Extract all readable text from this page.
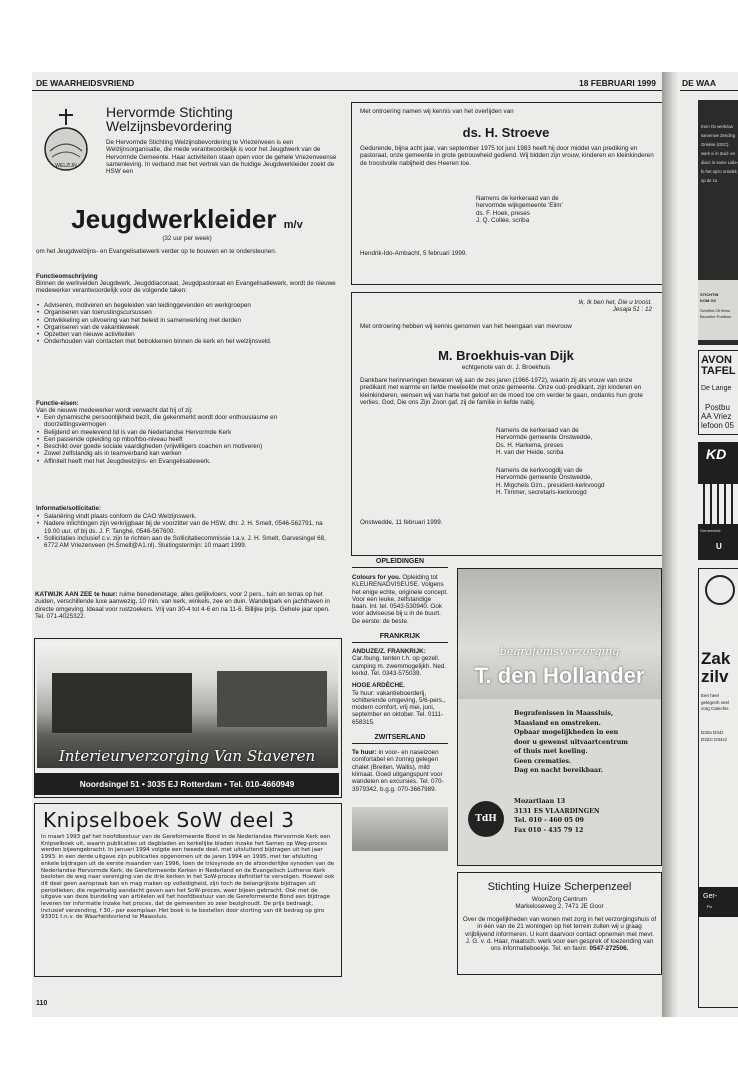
DE WAARHEIDSVRIEND	18 FEBRUARI 1999
WELZIJN
Hervormde Stichting
Welzijnsbevordering
De Hervormde Stichting Welzijnsbevordering te Vriezenveen is een Welzijnsorganisatie, die mede verantwoordelijk is voor het Jeugdwerk van de Hervormde Gemeente. Haar activiteiten staan open voor de gehele Vriezenveense samenleving. In verband met het vertrek van de huidige Jeugdwerkleider zoekt de HSW een
Jeugdwerkleider m/v
(32 uur per week)
om het Jeugdwelzijns- en Evangelisatiewerk verder op te bouwen en te ondersteunen.
Functieomschrijving
Binnen de werkvelden Jeugdwerk, Jeugddiaconaat, Jeugdpastoraat en Evangelisatiewerk, wordt de nieuwe medewerker verantwoordelijk voor de volgende taken:
• Adviseren, motiveren en begeleiden van leidinggevenden en werkgroepen
• Organiseren van toerustingscursussen
• Ontwikkeling en uitvoering van het beleid in samenwerking met derden
• Organiseren van de vakantieweek
• Opzetten van nieuwe activiteiten
• Onderhouden van contacten met betrokkenen binnen de kerk en het welzijnsveld.
Functie-eisen:
Van de nieuwe medewerker wordt verwacht dat hij of zij:
• Een dynamische persoonlijkheid bezit, die gekenmerkt wordt door enthousiasme en doorzettingsvermogen
• Belijdend en meelevend lid is van de Nederlandse Hervormde Kerk
• Een passende opleiding op mbo/hbo-niveau heeft
• Beschikt over goede sociale vaardigheden (vrijwilligers coachen en motiveren)
• Zowel zelfstandig als in teamverband kan werken
• Affiniteit heeft met het Jeugdwelzijns- en Evangelisatiewerk.
Informatie/sollicitatie:
• Salariëring vindt plaats conform de CAO Welzijnswerk.
• Nadere inlichtingen zijn verkrijgbaar bij de voorzitter van de HSW, dhr. J. H. Smelt, 0546-562791, na 19.00 uur, of bij ds. J. F. Tanghé, 0546-567600.
• Sollicitaties inclusief c.v. zijn te richten aan de Sollicitatiecommissie t.a.v. J. H. Smelt, Garvesingel 68, 6772 AM Vriezenveen (H.Smelt@A1.nl). Sluitingstermijn: 10 maart 1999.
KATWIJK AAN ZEE te huur: ruime benedenetage, alles gelijkvloers, voor 2 pers., tuin en terras op het zuiden, verschillende luxe aanwezig, 10 min. van kerk, winkels, zee en duin. Wandelpark en jachthaven in directe omgeving. Ideaal voor rustzoekers. Vrij van 30-4 tot 4-6 en na 11-6. Billijke prijs. Gehele jaar open. Tel. 071-4025322.
Interieurverzorging Van Staveren
Noordsingel 51 • 3035 EJ Rotterdam • Tel. 010-4660949
Knipselboek SoW deel 3
In maart 1993 gaf het hoofdbestuur van de Gereformeerde Bond in de Nederlandse Hervormde Kerk een Knipselboek uit, waarin publicaties uit dagbladen en kerkelijke bladen inzake het Samen op Weg-proces werden bijeengebracht. In januari 1994 volgde een tweede deel, met uitsluitend bijdragen uit het jaar 1993. In een derde uitgave zijn publicaties opgenomen uit de jaren 1994 en 1995, met ter afsluiting enkele bijdragen uit de eerste maanden van 1996, toen de triosynode en de afzonderlijke synoden van de Nederlandse Hervormde Kerk, de Gereformeerde Kerken in Nederland en de Evangelisch Lutherse Kerk besloten de weg naar vereniging van de drie kerken in het SoW-proces definitief te vervolgen. Hoewel ook dit deel geen aanspraak kan en mag maken op volledigheid, zijn toch de belangrijkste bijdragen uit periodieken, die regelmatig aandacht geven aan het SoW-proces, weer bijeen gebracht. Ook met de uitgave van deze bundeling van artikelen wil het hoofdbestuur van de Gereformeerde Bond een bijdrage leveren ter informatie inzake het proces, dat de gemeenten zo zeer bezighoudt. De prijs bedraagt, inclusief verzending, f 30,- per exemplaar. Het boek is te bestellen door storting van dit bedrag op giro 93301 t.n.v. de Waarheidsvriend te Maassluis.
110
Met ontroering namen wij kennis van het overlijden van
ds. H. Stroeve
Gedurende, bijna acht jaar, van september 1975 tot juni 1983 heeft hij door middel van prediking en pastoraat, onze gemeente in grote getrouwheid gediend. Wij bidden zijn vrouw, kinderen en kleinkinderen de troostvolle nabijheid des Heeren toe.
Namens de kerkeraad van de
hervormde wijkgemeente 'Elim'
ds. F. Hoek, preses
J. Q. Collée, scriba
Hendrik-Ido-Ambacht, 5 februari 1999.
Ik, Ik ben het, Die u troost.
Jesaja 51 : 12
Met ontroering hebben wij kennis genomen van het heengaan van mevrouw
M. Broekhuis-van Dijk
echtgenote van dr. J. Broekhuis
Dankbare herinneringen bewaren wij aan de zes jaren (1966-1972), waarin zij als vrouw van onze predikant met warmte en liefde meeleefde met onze gemeente. Onze oud-predikant, zijn kinderen en kleinkinderen, wensen wij van harte het geloof en de moed toe om verder te gaan, ondanks hun grote verlies. God, Die ons Zijn Zoon gaf, zij de familie in liefde nabij.
Namens de kerkeraad van de
Hervormde gemeente Onstwedde,
Ds. H. Harkema, preses
H. van der Heide, scriba
Namens de kerkvoogdij van de
Hervormde gemeente Onstwedde,
H. Migchels Gzn., president-kerkvoogd
H. Timmer, secretaris-kerkvoogd
Onstwedde, 11 februari 1999.
OPLEIDINGEN
Colours for you. Opleiding tot KLEURENADVISEUSE. Volgens het enige echte, originele concept. Voor een leuke, zelfstandige baan. Inl. tel. 0543-530940. Ook voor adviseuse bij u in de buurt. De eerste: de beste.
FRANKRIJK
ANDUZE/Z. FRANKRIJK: Car./bung. tenten t.h. op gezell. camping m. zwemmogelijkh. Ned. kerkd. Tel. 0343-575039.
HOGE ARDÈCHE.
Te huur: vakantieboerderij, schitterende omgeving, 5/6-pers., modern comfort, vrij mei, juni, september en oktober. Tel. 0111-658315.
ZWITSERLAND
Te huur: in voor- en naseizoen comfortabel en zonnig gelegen chalet (Breiten, Wallis), mild klimaat. Goed uitgangspunt voor wandelen en excursies. Tel. 070-3979342, b.g.g. 070-3667989.
begrafenisverzorging
T. den Hollander
Begrafenissen in Maassluis,
Maasland en omstreken.
Opbaar mogelijkheden in een
door u gewenst uitvaartcentrum
of thuis met koeling.
Geen crematies.
Dag en nacht bereikbaar.
TdH
Mozartlaan 13
3131 ES VLAARDINGEN
Tel. 010 - 460 05 09
Fax 010 - 435 79 12
Stichting Huize Scherpenzeel
WoonZorg Centrum
Markeloseweg 2, 7471 JE Goor
Over de mogelijkheden van wonen met zorg in het verzorgingshuis of in één van de 21 woningen op het terrein zullen wij u graag vrijblijvend informeren. U kunt daarvoor contact opnemen met mevr. J. G. v. d. Haar, maatsch. werk voor een gesprek of toezending van ons informatieboekje. Tel. en faxnr. 0547-272506.
DE WAA
Kom Ov werkzaa samenwe Zending Griekse (GEC). werk vi in Zuid- en diacc in same Lidia-fo het opzo ontwikk op de zu
STICHTIN
KOM OV
Schriftel 25 febru Bezoeke Postbus
AVON
TAFEL
De Lange
Postbu
AA Vriez
lefoon 05
KD
Gemeenide
U
Zak
zilv
Een heel gelegenh veel zorg Catechis
D32a D34z D32zr D34zz
Ger-
Po
